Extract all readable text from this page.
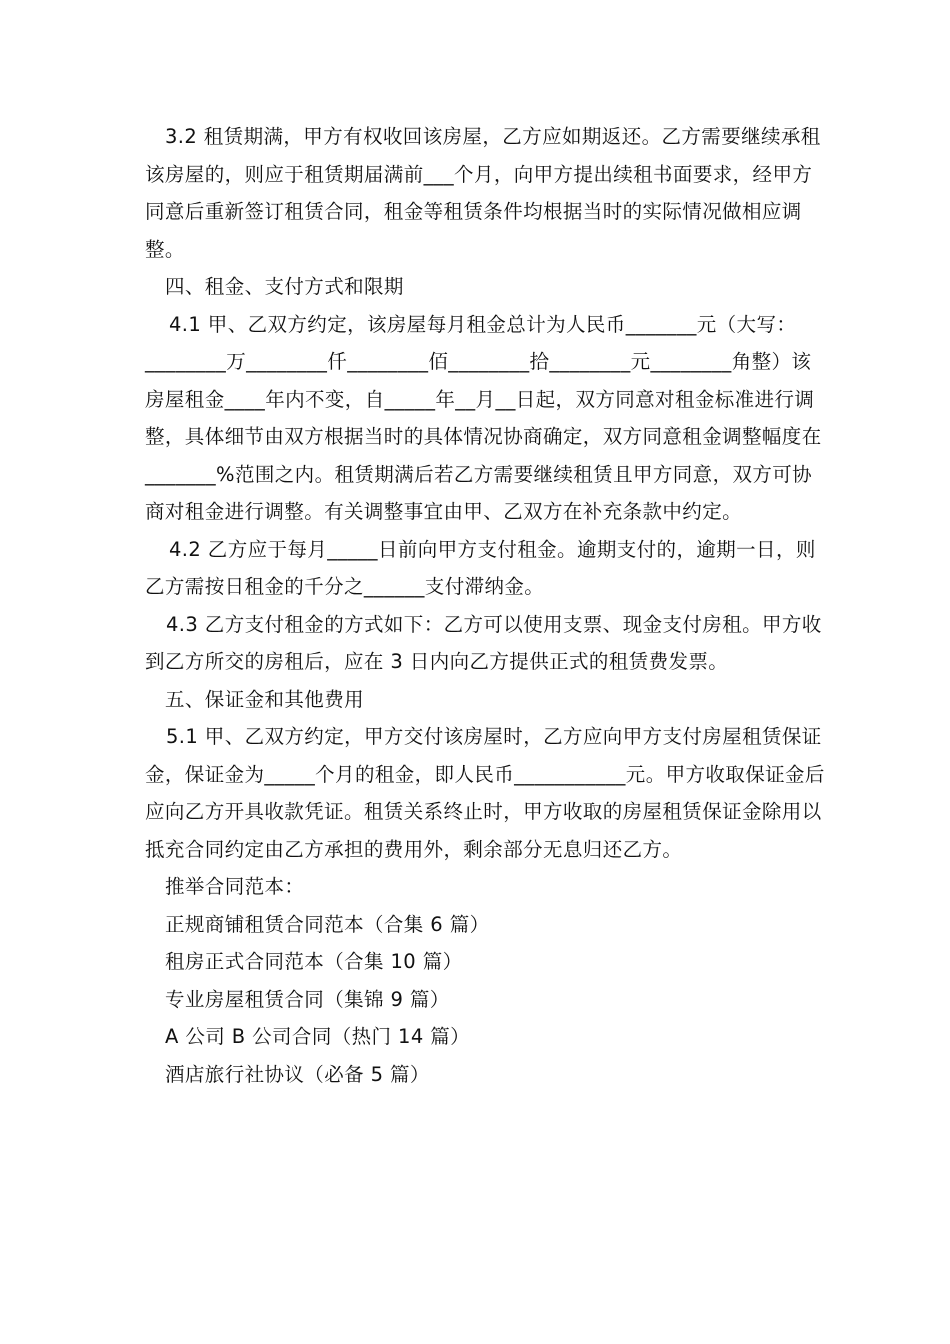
3.2 租赁期满，甲方有权收回该房屋，乙方应如期返还。乙方需要继续承租该房屋的，则应于租赁期届满前___个月，向甲方提出续租书面要求，经甲方同意后重新签订租赁合同，租金等租赁条件均根据当时的实际情况做相应调整。

四、租金、支付方式和限期

4.1 甲、乙双方约定，该房屋每月租金总计为人民币_______元（大写：________万________仟________佰________拾________元________角整）该房屋租金____年内不变，自_____年__月__日起，双方同意对租金标准进行调整，具体细节由双方根据当时的具体情况协商确定，双方同意租金调整幅度在_______%范围之内。租赁期满后若乙方需要继续租赁且甲方同意，双方可协商对租金进行调整。有关调整事宜由甲、乙双方在补充条款中约定。

4.2 乙方应于每月_____日前向甲方支付租金。逾期支付的，逾期一日，则乙方需按日租金的千分之______支付滞纳金。

4.3 乙方支付租金的方式如下：乙方可以使用支票、现金支付房租。甲方收到乙方所交的房租后，应在 3 日内向乙方提供正式的租赁费发票。

五、保证金和其他费用

5.1 甲、乙双方约定，甲方交付该房屋时，乙方应向甲方支付房屋租赁保证金，保证金为_____个月的租金，即人民币___________元。甲方收取保证金后应向乙方开具收款凭证。租赁关系终止时，甲方收取的房屋租赁保证金除用以抵充合同约定由乙方承担的费用外，剩余部分无息归还乙方。

推举合同范本：

正规商铺租赁合同范本（合集 6 篇）

租房正式合同范本（合集 10 篇）

专业房屋租赁合同（集锦 9 篇）

A 公司 B 公司合同（热门 14 篇）

酒店旅行社协议（必备 5 篇）
